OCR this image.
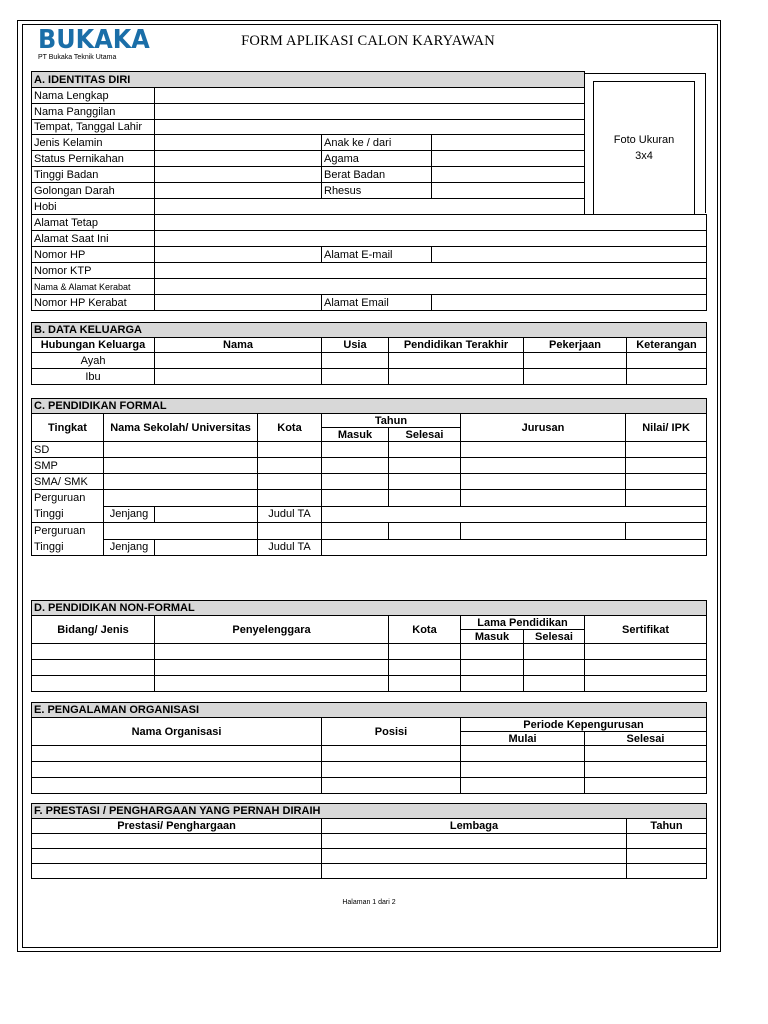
BUKAKA
PT Bukaka Teknik Utama
FORM APLIKASI CALON KARYAWAN
A. IDENTITAS DIRI				
Nama Lengkap				
Nama Panggilan				
Tempat, Tanggal Lahir				
Jenis Kelamin		Anak ke / dari		
Status Pernikahan		Agama		
Tinggi Badan		Berat Badan		
Golongan Darah		Rhesus		
Hobi				
Alamat Tetap				
Alamat Saat Ini				
Nomor HP		Alamat E-mail		
Nomor KTP				
Nama & Alamat Kerabat				
Nomor HP Kerabat		Alamat Email		
Foto Ukuran
3x4
B. DATA KELUARGA					
Hubungan Keluarga	Nama	Usia	Pendidikan Terakhir	Pekerjaan	Keterangan
Ayah					
Ibu					
C. PENDIDIKAN FORMAL							
Tingkat	Nama Sekolah/ Universitas		Kota	Tahun		Jurusan	Nilai/ IPK
				Masuk	Selesai		
SD							
SMP							
SMA/ SMK							
Perguruan Tinggi							
	Jenjang		Judul TA				
Perguruan Tinggi							
	Jenjang		Judul TA				
D. PENDIDIKAN NON-FORMAL					
Bidang/ Jenis	Penyelenggara	Kota	Lama Pendidikan		Sertifikat
			Masuk	Selesai	

E. PENGALAMAN ORGANISASI			
Nama Organisasi	Posisi	Periode Kepengurusan	
		Mulai	Selesai

F. PRESTASI / PENGHARGAAN YANG PERNAH DIRAIH		
Prestasi/ Penghargaan	Lembaga	Tahun

Halaman 1 dari 2
